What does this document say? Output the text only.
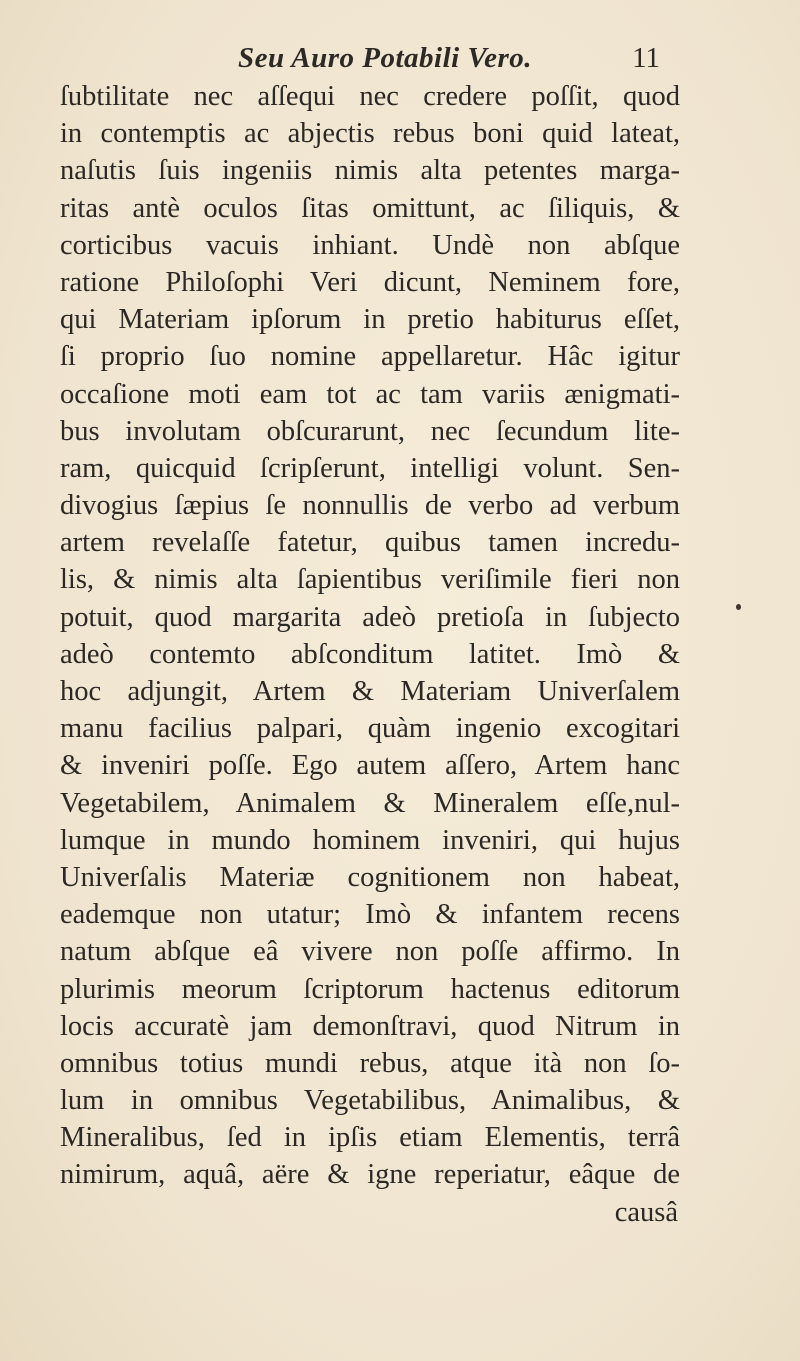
Seu Auro Potabili Vero.	11
ſubtilitate nec aſſequi nec credere poſſit, quod
in contemptis ac abjectis rebus boni quid lateat,
naſutis ſuis ingeniis nimis alta petentes marga-
ritas antè oculos ſitas omittunt, ac ſiliquis, &
corticibus vacuis inhiant. Undè non abſque
ratione Philoſophi Veri dicunt, Neminem fore,
qui Materiam ipſorum in pretio habiturus eſſet,
ſi proprio ſuo nomine appellaretur. Hâc igitur
occaſione moti eam tot ac tam variis ænigmati-
bus involutam obſcurarunt, nec ſecundum lite-
ram, quicquid ſcripſerunt, intelligi volunt. Sen-
divogius ſæpius ſe nonnullis de verbo ad verbum
artem revelaſſe fatetur, quibus tamen incredu-
lis, & nimis alta ſapientibus veriſimile fieri non
potuit, quod margarita adeò pretioſa in ſubjecto
adeò contemto abſconditum latitet. Imò &
hoc adjungit, Artem & Materiam Univerſalem
manu facilius palpari, quàm ingenio excogitari
& inveniri poſſe. Ego autem aſſero, Artem hanc
Vegetabilem, Animalem & Mineralem eſſe,nul-
lumque in mundo hominem inveniri, qui hujus
Univerſalis Materiæ cognitionem non habeat,
eademque non utatur; Imò & infantem recens
natum abſque eâ vivere non poſſe affirmo. In
plurimis meorum ſcriptorum hactenus editorum
locis accuratè jam demonſtravi, quod Nitrum in
omnibus totius mundi rebus, atque ità non ſo-
lum in omnibus Vegetabilibus, Animalibus, &
Mineralibus, ſed in ipſis etiam Elementis, terrâ
nimirum, aquâ, aëre & igne reperiatur, eâque de
causâ
